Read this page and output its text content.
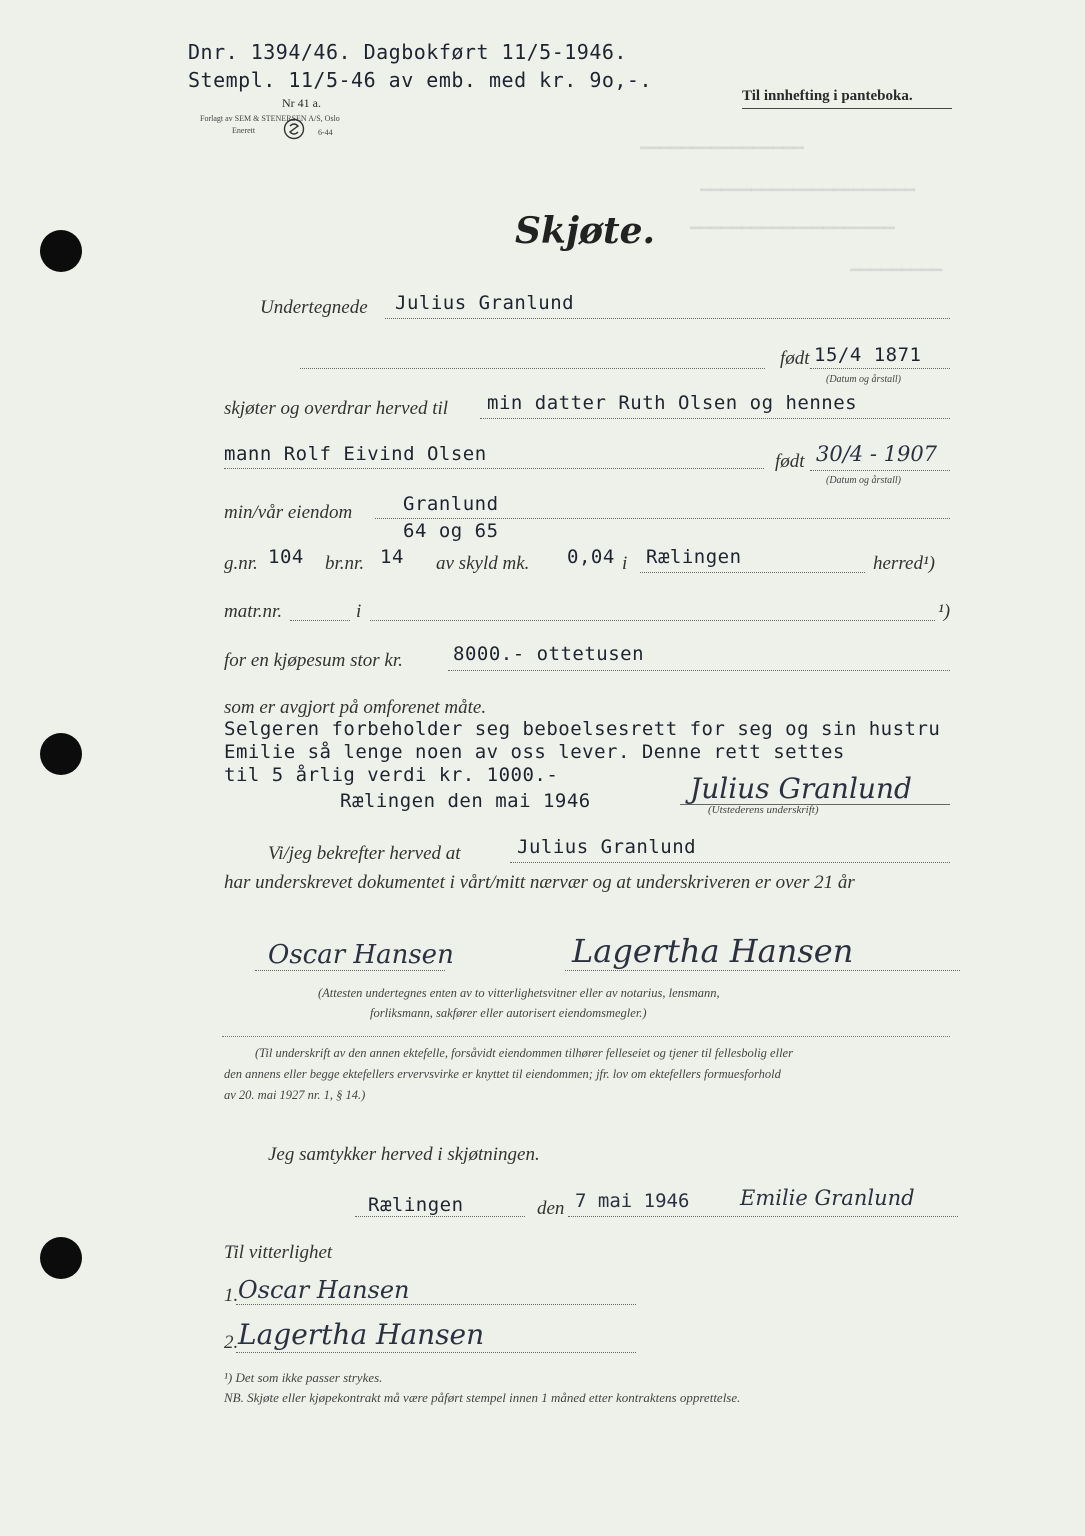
▁▁▁▁▁▁▁▁▁▁▁▁▁▁▁▁
▁▁▁▁▁▁▁▁▁▁▁▁▁▁▁▁▁▁▁▁▁
▁▁▁▁▁▁▁▁▁▁▁▁▁▁▁▁▁▁▁▁
▁▁▁▁▁▁▁▁▁
Dnr. 1394/46. Dagbokført 11/5-1946.
Stempl. 11/5-46 av emb. med kr. 9o,-.
Nr 41 a.
Forlagt av SEM & STENERSEN A/S, Oslo
Enerett	6-44
Til innhefting i panteboka.
Skjøte.
Undertegnede Julius Granlund
født 15/4 1871
(Datum og årstall)
skjøter og overdrar herved til min datter Ruth Olsen og hennes
mann Rolf Eivind Olsen	født 30/4 - 1907
(Datum og årstall)
min/vår eiendom	Granlund
64 og 65
g.nr. 104 br.nr. 14 av skyld mk. 0,04 i Rælingen	herred¹)
matr.nr.	i	¹)
for en kjøpesum stor kr.	8000.- ottetusen
som er avgjort på omforenet måte.
Selgeren forbeholder seg beboelsesrett for seg og sin hustru
Emilie så lenge noen av oss lever. Denne rett settes
til 5 årlig verdi kr. 1000.-
Rælingen den mai 1946	Julius Granlund
(Utstederens underskrift)
Vi/jeg bekrefter herved at	Julius Granlund
har underskrevet dokumentet i vårt/mitt nærvær og at underskriveren er over 21 år
Oscar Hansen	Lagertha Hansen
(Attesten undertegnes enten av to vitterlighetsvitner eller av notarius, lensmann,
forliksmann, sakfører eller autorisert eiendomsmegler.)
(Til underskrift av den annen ektefelle, forsåvidt eiendommen tilhører felleseiet og tjener til fellesbolig eller
den annens eller begge ektefellers ervervsvirke er knyttet til eiendommen; jfr. lov om ektefellers formuesforhold
av 20. mai 1927 nr. 1, § 14.)
Jeg samtykker herved i skjøtningen.
Rælingen	den 7 mai 1946 Emilie Granlund
Til vitterlighet
1. Oscar Hansen
2. Lagertha Hansen
¹) Det som ikke passer strykes.
NB. Skjøte eller kjøpekontrakt må være påført stempel innen 1 måned etter kontraktens opprettelse.
